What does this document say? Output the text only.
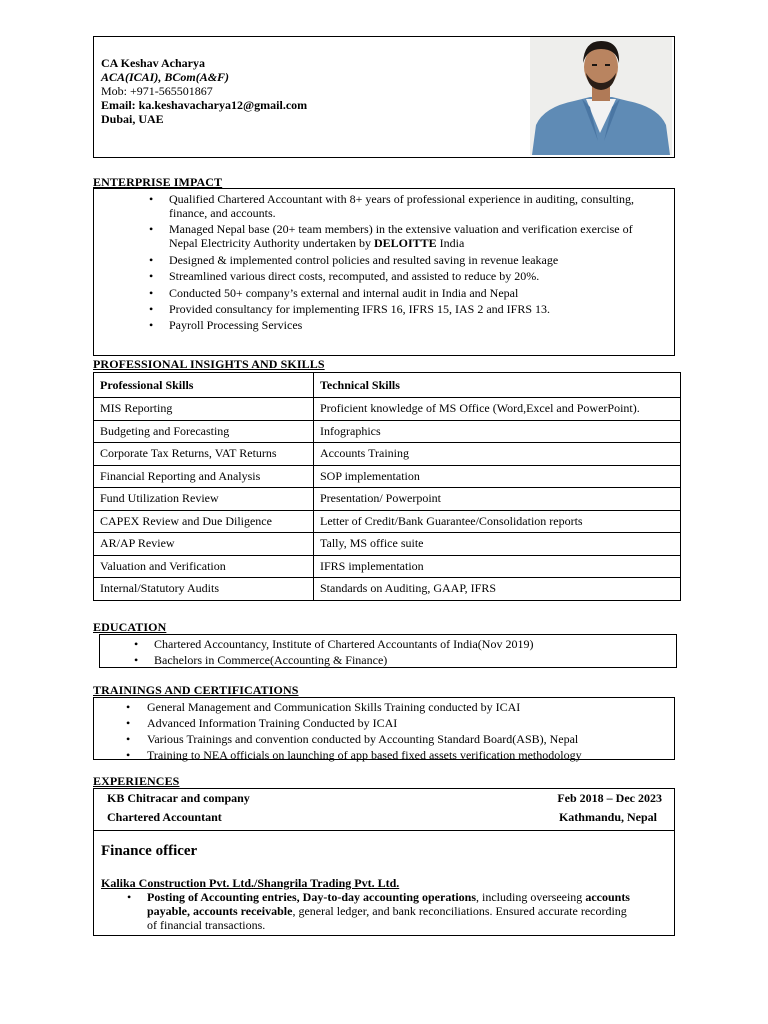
CA Keshav Acharya
ACA(ICAI), BCom(A&F)
Mob: +971-565501867
Email: ka.keshavacharya12@gmail.com
Dubai, UAE
ENTERPRISE IMPACT
• Qualified Chartered Accountant with 8+ years of professional experience in auditing, consulting, finance, and accounts.
• Managed Nepal base (20+ team members) in the extensive valuation and verification exercise of Nepal Electricity Authority undertaken by DELOITTE India
• Designed & implemented control policies and resulted saving in revenue leakage
• Streamlined various direct costs, recomputed, and assisted to reduce by 20%.
• Conducted 50+ company’s external and internal audit in India and Nepal
• Provided consultancy for implementing IFRS 16, IFRS 15, IAS 2 and IFRS 13.
• Payroll Processing Services
PROFESSIONAL INSIGHTS AND SKILLS
Professional Skills	Technical Skills
MIS Reporting	Proficient knowledge of MS Office (Word,Excel and PowerPoint).
Budgeting and Forecasting	Infographics
Corporate Tax Returns, VAT Returns	Accounts Training
Financial Reporting and Analysis	SOP implementation
Fund Utilization Review	Presentation/ Powerpoint
CAPEX Review and Due Diligence	Letter of Credit/Bank Guarantee/Consolidation reports
AR/AP Review	Tally, MS office suite
Valuation and Verification	IFRS implementation
Internal/Statutory Audits	Standards on Auditing, GAAP, IFRS
EDUCATION
• Chartered Accountancy, Institute of Chartered Accountants of India(Nov 2019)
• Bachelors in Commerce(Accounting & Finance)
TRAININGS AND CERTIFICATIONS
• General Management and Communication Skills Training conducted by ICAI
• Advanced Information Training Conducted by ICAI
• Various Trainings and convention conducted by Accounting Standard Board(ASB), Nepal
• Training to NEA officials on launching of app based fixed assets verification methodology
EXPERIENCES
KB Chitracar and company	Feb 2018 – Dec 2023
Chartered Accountant	Kathmandu, Nepal
Finance officer
Kalika Construction Pvt. Ltd./Shangrila Trading Pvt. Ltd.
• Posting of Accounting entries, Day-to-day accounting operations, including overseeing accounts payable, accounts receivable, general ledger, and bank reconciliations. Ensured accurate recording of financial transactions.
